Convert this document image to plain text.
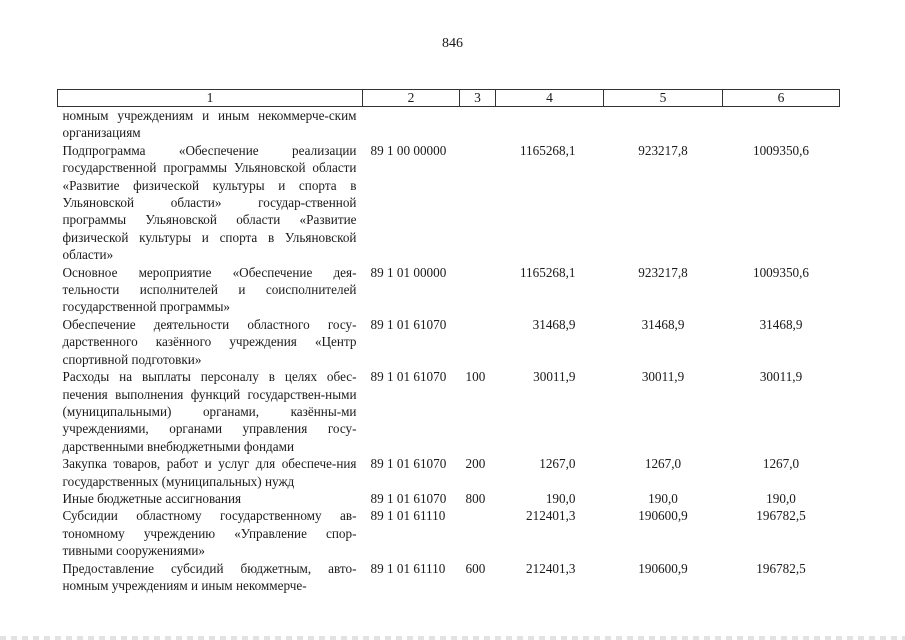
846
1	2	3	4	5	6
номным учреждениям и иным некоммерче-ским организациям					
Подпрограмма «Обеспечение реализации государственной программы Ульяновской области «Развитие физической культуры и спорта в Ульяновской области» государ-ственной программы Ульяновской области «Развитие физической культуры и спорта в Ульяновской области»	89 1 00 00000		1165268,1	923217,8	1009350,6
Основное мероприятие «Обеспечение дея-тельности исполнителей и соисполнителей государственной программы»	89 1 01 00000		1165268,1	923217,8	1009350,6
Обеспечение деятельности областного госу-дарственного казённого учреждения «Центр спортивной подготовки»	89 1 01 61070		31468,9	31468,9	31468,9
Расходы на выплаты персоналу в целях обес-печения выполнения функций государствен-ными (муниципальными) органами, казённы-ми учреждениями, органами управления госу-дарственными внебюджетными фондами	89 1 01 61070	100	30011,9	30011,9	30011,9
Закупка товаров, работ и услуг для обеспече-ния государственных (муниципальных) нужд	89 1 01 61070	200	1267,0	1267,0	1267,0
Иные бюджетные ассигнования	89 1 01 61070	800	190,0	190,0	190,0
Субсидии областному государственному ав-тономному учреждению «Управление спор-тивными сооружениями»	89 1 01 61110		212401,3	190600,9	196782,5
Предоставление субсидий бюджетным, авто-номным учреждениям и иным некоммерче-	89 1 01 61110	600	212401,3	190600,9	196782,5
